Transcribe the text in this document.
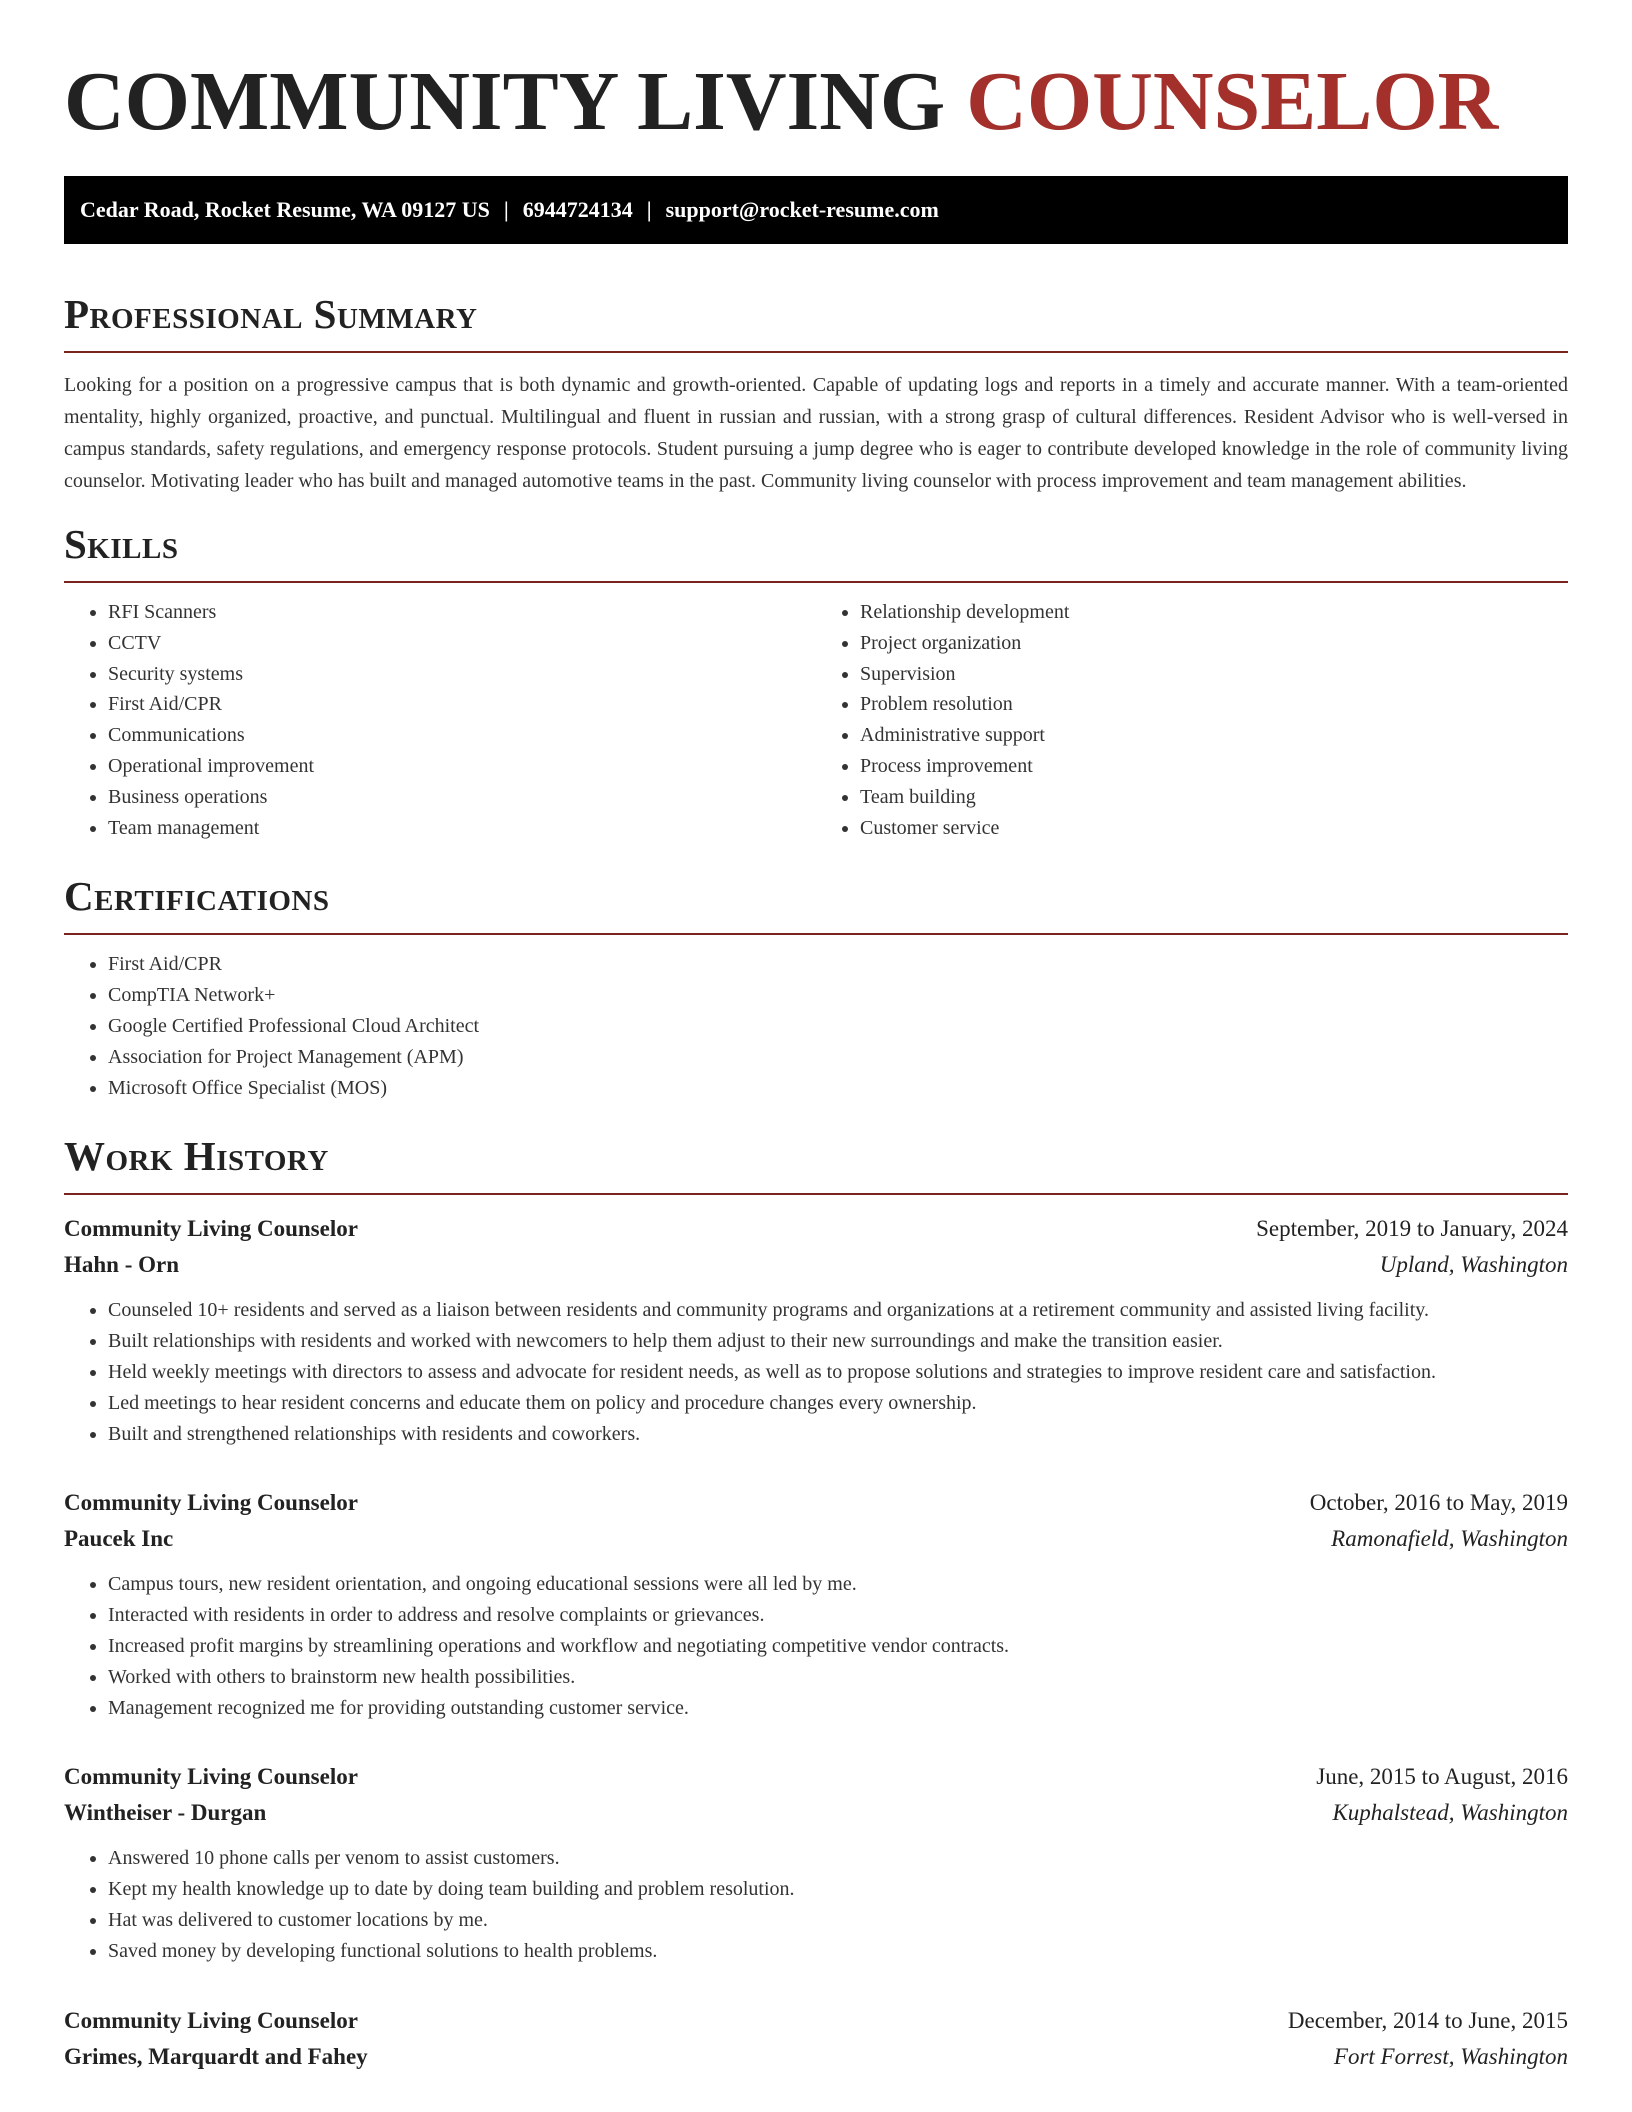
COMMUNITY LIVING COUNSELOR
Cedar Road, Rocket Resume, WA 09127 US | 6944724134 | support@rocket-resume.com
Professional Summary

Looking for a position on a progressive campus that is both dynamic and growth-oriented. Capable of updating logs and reports in a timely and accurate manner. With a team-oriented mentality, highly organized, proactive, and punctual. Multilingual and fluent in russian and russian, with a strong grasp of cultural differences. Resident Advisor who is well-versed in campus standards, safety regulations, and emergency response protocols. Student pursuing a jump degree who is eager to contribute developed knowledge in the role of community living counselor. Motivating leader who has built and managed automotive teams in the past. Community living counselor with process improvement and team management abilities.

Skills
• RFI Scanners
• CCTV
• Security systems
• First Aid/CPR
• Communications
• Operational improvement
• Business operations
• Team management
• Relationship development
• Project organization
• Supervision
• Problem resolution
• Administrative support
• Process improvement
• Team building
• Customer service
Certifications
• First Aid/CPR
• CompTIA Network+
• Google Certified Professional Cloud Architect
• Association for Project Management (APM)
• Microsoft Office Specialist (MOS)
Work History
Community Living Counselor	September, 2019 to January, 2024
Hahn - Orn	Upland, Washington
• Counseled 10+ residents and served as a liaison between residents and community programs and organizations at a retirement community and assisted living facility.
• Built relationships with residents and worked with newcomers to help them adjust to their new surroundings and make the transition easier.
• Held weekly meetings with directors to assess and advocate for resident needs, as well as to propose solutions and strategies to improve resident care and satisfaction.
• Led meetings to hear resident concerns and educate them on policy and procedure changes every ownership.
• Built and strengthened relationships with residents and coworkers.
Community Living Counselor	October, 2016 to May, 2019
Paucek Inc	Ramonafield, Washington
• Campus tours, new resident orientation, and ongoing educational sessions were all led by me.
• Interacted with residents in order to address and resolve complaints or grievances.
• Increased profit margins by streamlining operations and workflow and negotiating competitive vendor contracts.
• Worked with others to brainstorm new health possibilities.
• Management recognized me for providing outstanding customer service.
Community Living Counselor	June, 2015 to August, 2016
Wintheiser - Durgan	Kuphalstead, Washington
• Answered 10 phone calls per venom to assist customers.
• Kept my health knowledge up to date by doing team building and problem resolution.
• Hat was delivered to customer locations by me.
• Saved money by developing functional solutions to health problems.
Community Living Counselor	December, 2014 to June, 2015
Grimes, Marquardt and Fahey	Fort Forrest, Washington
